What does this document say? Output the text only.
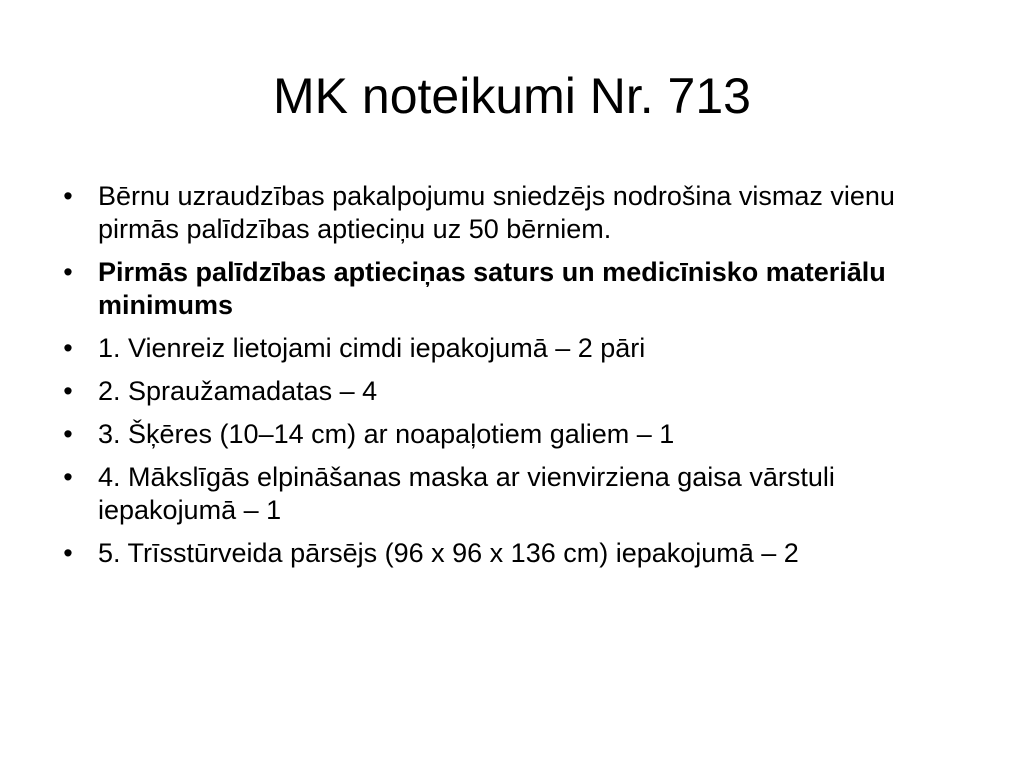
MK noteikumi Nr. 713
• Bērnu uzraudzības pakalpojumu sniedzējs nodrošina vismaz vienu pirmās palīdzības aptieciņu uz 50 bērniem.
• Pirmās palīdzības aptieciņas saturs un medicīnisko materiālu minimums
• 1. Vienreiz lietojami cimdi iepakojumā – 2 pāri
• 2. Spraužamadatas – 4
• 3. Šķēres (10–14 cm) ar noapaļotiem galiem – 1
• 4. Mākslīgās elpināšanas maska ar vienvirziena gaisa vārstuli iepakojumā – 1
• 5. Trīsstūrveida pārsējs (96 x 96 x 136 cm) iepakojumā – 2
